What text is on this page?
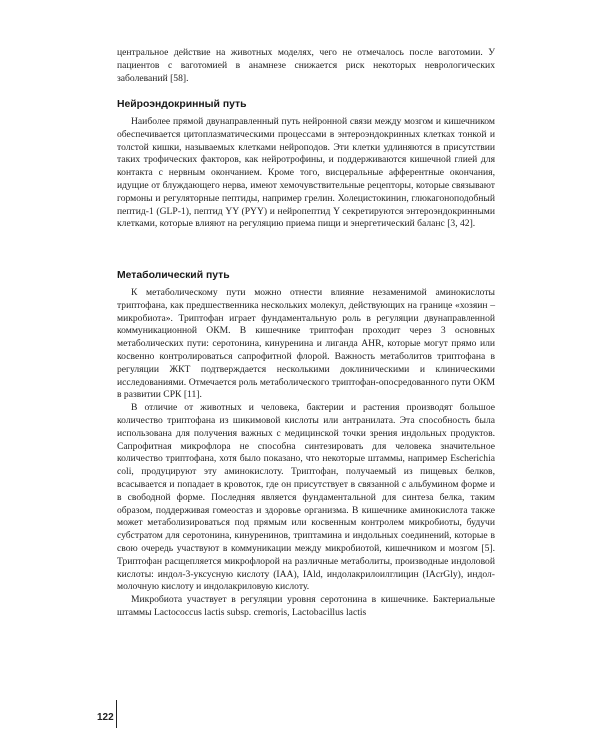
центральное действие на животных моделях, чего не отмечалось после ваготомии. У пациентов с ваготомией в анамнезе снижается риск некоторых неврологических заболеваний [58].

Нейроэндокринный путь

Наиболее прямой двунаправленный путь нейронной связи между мозгом и кишечником обеспечивается цитоплазматическими процессами в энтероэндокринных клетках тонкой и толстой кишки, называемых клетками нейроподов. Эти клетки удлиняются в присутствии таких трофических факторов, как нейротрофины, и поддерживаются кишечной глией для контакта с нервным окончанием. Кроме того, висцеральные афферентные окончания, идущие от блуждающего нерва, имеют хемочувствительные рецепторы, которые связывают гормоны и регуляторные пептиды, например грелин. Холецистокинин, глюкагоноподобный пептид-1 (GLP-1), пептид YY (PYY) и нейропептид Y секретируются энтероэндокринными клетками, которые влияют на регуляцию приема пищи и энергетический баланс [3, 42].

Метаболический путь

К метаболическому пути можно отнести влияние незаменимой аминокислоты триптофана, как предшественника нескольких молекул, действующих на границе «хозяин – микробиота». Триптофан играет фундаментальную роль в регуляции двунаправленной коммуникационной ОКМ. В кишечнике триптофан проходит через 3 основных метаболических пути: серотонина, кинуренина и лиганда AHR, которые могут прямо или косвенно контролироваться сапрофитной флорой. Важность метаболитов триптофана в регуляции ЖКТ подтверждается несколькими доклиническими и клиническими исследованиями. Отмечается роль метаболического триптофан-опосредованного пути ОКМ в развитии СРК [11].

В отличие от животных и человека, бактерии и растения производят большое количество триптофана из шикимовой кислоты или антранилата. Эта способность была использована для получения важных с медицинской точки зрения индольных продуктов. Сапрофитная микрофлора не способна синтезировать для человека значительное количество триптофана, хотя было показано, что некоторые штаммы, например Escherichia coli, продуцируют эту аминокислоту. Триптофан, получаемый из пищевых белков, всасывается и попадает в кровоток, где он присутствует в связанной с альбумином форме и в свободной форме. Последняя является фундаментальной для синтеза белка, таким образом, поддерживая гомеостаз и здоровье организма. В кишечнике аминокислота также может метаболизироваться под прямым или косвенным контролем микробиоты, будучи субстратом для серотонина, кинуренинов, триптамина и индольных соединений, которые в свою очередь участвуют в коммуникации между микробиотой, кишечником и мозгом [5]. Триптофан расщепляется микрофлорой на различные метаболиты, производные индоловой кислоты: индол-3-уксусную кислоту (IAA), IAld, индолакрилоилглицин (IAcrGly), индол-молочную кислоту и индолакриловую кислоту.

Микробиота участвует в регуляции уровня серотонина в кишечнике. Бактериальные штаммы Lactococcus lactis subsp. cremoris, Lactobacillus lactis

122
